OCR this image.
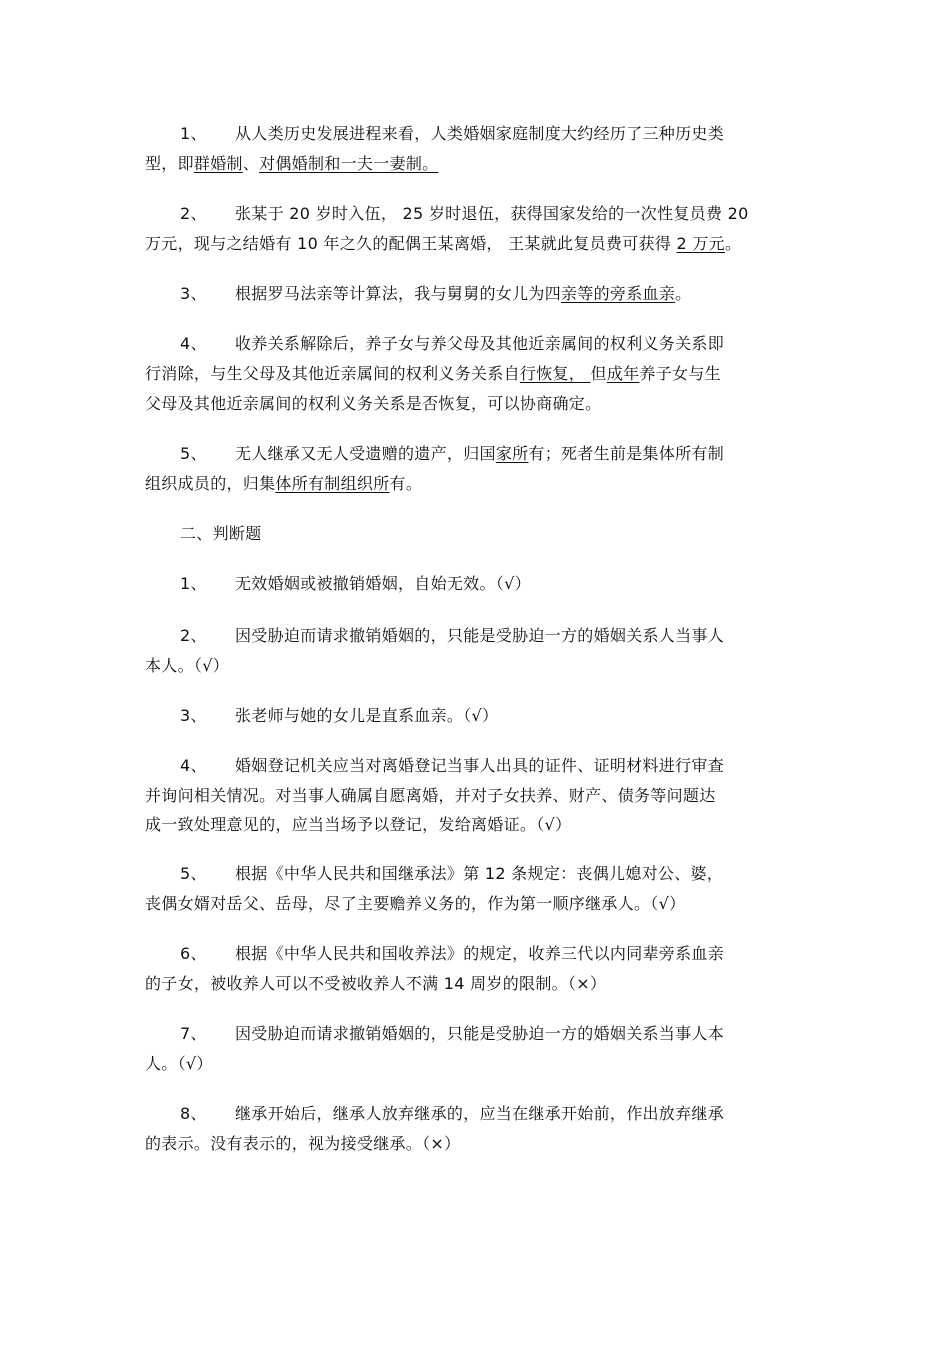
1、 从人类历史发展进程来看，人类婚姻家庭制度大约经历了三种历史类
型，即群婚制、对偶婚制和一夫一妻制。
2、 张某于 20 岁时入伍， 25 岁时退伍，获得国家发给的一次性复员费 20
万元，现与之结婚有 10 年之久的配偶王某离婚， 王某就此复员费可获得 2 万元。
3、 根据罗马法亲等计算法，我与舅舅的女儿为四亲等的旁系血亲。
4、 收养关系解除后，养子女与养父母及其他近亲属间的权利义务关系即
行消除，与生父母及其他近亲属间的权利义务关系自行恢复， 但成年养子女与生
父母及其他近亲属间的权利义务关系是否恢复，可以协商确定。
5、 无人继承又无人受遗赠的遗产，归国家所有；死者生前是集体所有制
组织成员的，归集体所有制组织所有。
二、判断题
1、 无效婚姻或被撤销婚姻，自始无效。（√）
2、 因受胁迫而请求撤销婚姻的，只能是受胁迫一方的婚姻关系人当事人
本人。（√）
3、 张老师与她的女儿是直系血亲。（√）
4、 婚姻登记机关应当对离婚登记当事人出具的证件、证明材料进行审查
并询问相关情况。对当事人确属自愿离婚，并对子女扶养、财产、债务等问题达
成一致处理意见的，应当当场予以登记，发给离婚证。（√）
5、 根据《中华人民共和国继承法》第 12 条规定：丧偶儿媳对公、婆，
丧偶女婿对岳父、岳母，尽了主要赡养义务的，作为第一顺序继承人。（√）
6、 根据《中华人民共和国收养法》的规定，收养三代以内同辈旁系血亲
的子女，被收养人可以不受被收养人不满 14 周岁的限制。（×）
7、 因受胁迫而请求撤销婚姻的，只能是受胁迫一方的婚姻关系当事人本
人。（√）
8、 继承开始后，继承人放弃继承的，应当在继承开始前，作出放弃继承
的表示。没有表示的，视为接受继承。（×）
